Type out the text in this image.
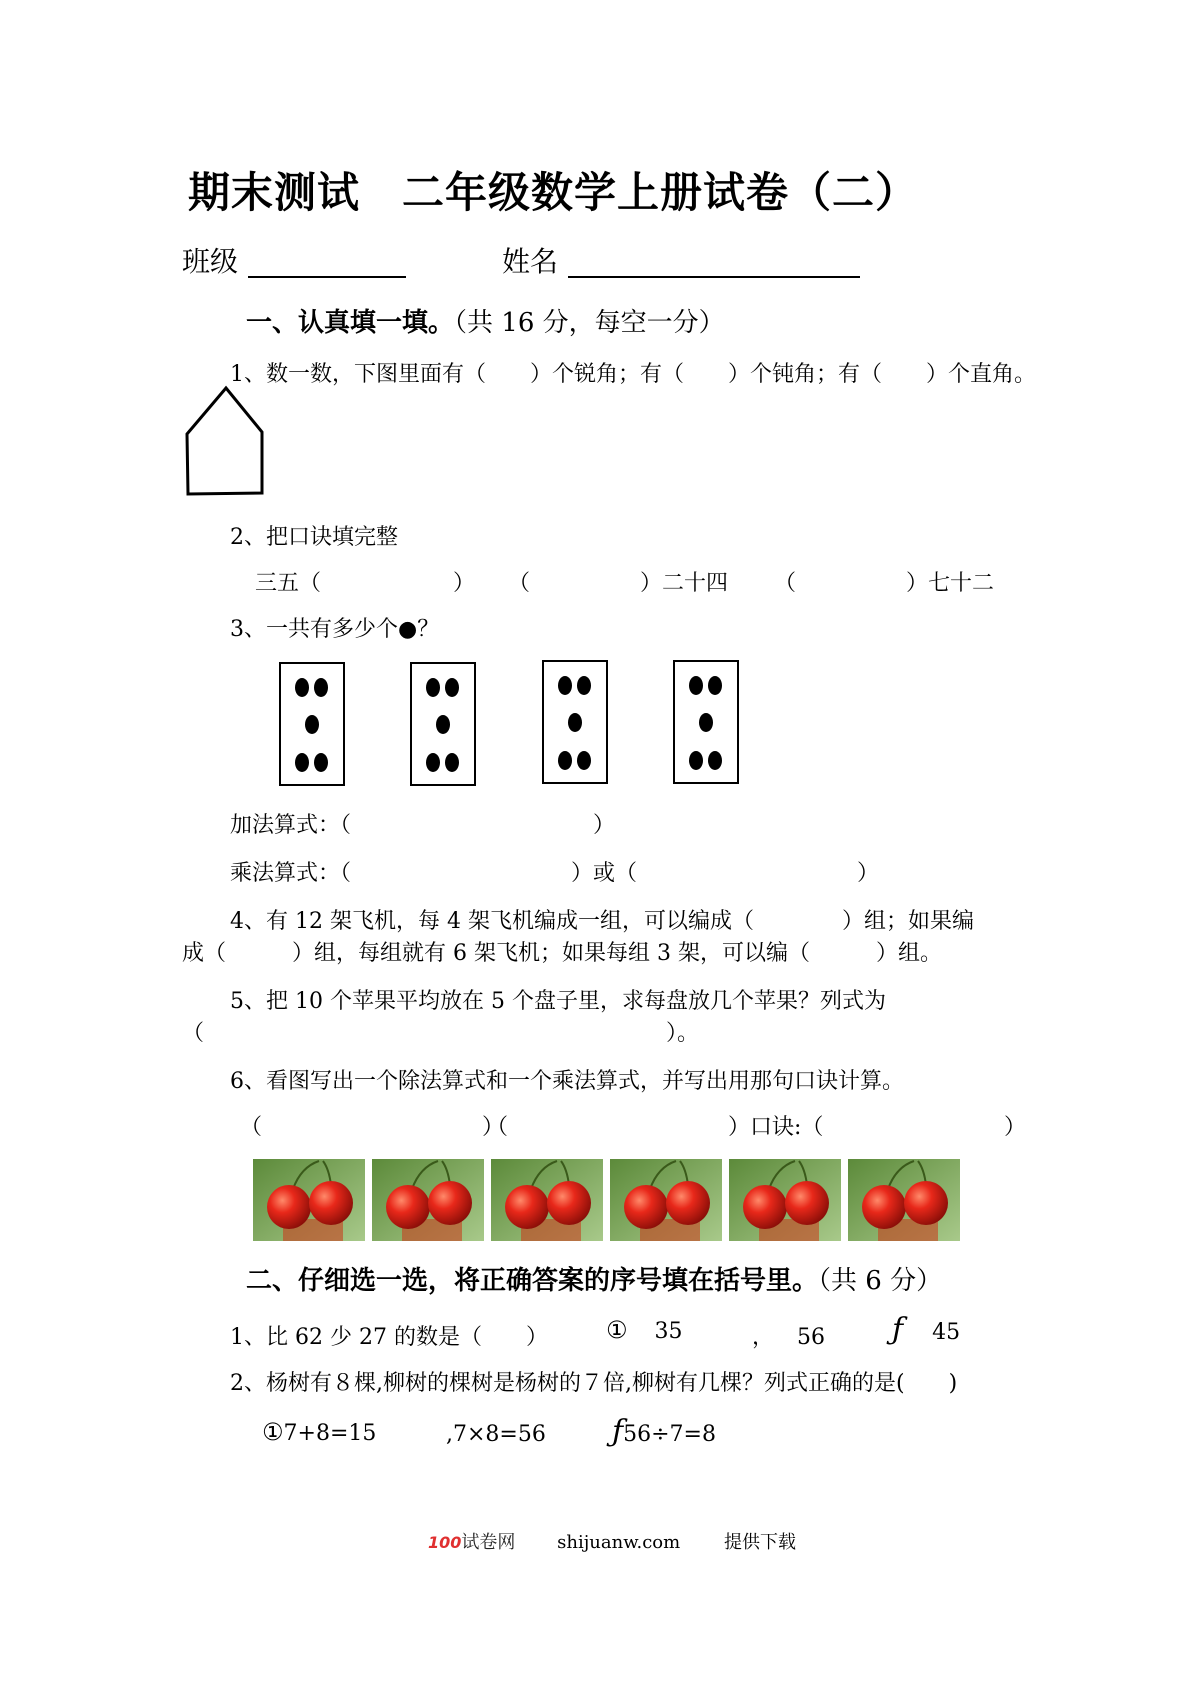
期末测试 二年级数学上册试卷（二）
班级	姓名
一、认真填一填。（共 16 分，每空一分）
1、数一数，下图里面有（　　）个锐角；有（　　）个钝角；有（　　）个直角。
2、把口诀填完整
三五（　　　　　　） （　　　　　）二十四 （　　　　　）七十二
3、一共有多少个●？
加法算式：（　　　　　　　　　　　）
乘法算式：（　　　　　　　　　　）或（　　　　　　　　　　）
4、有 12 架飞机，每 4 架飞机编成一组，可以编成（　　　　）组；如果编
成（　　　）组，每组就有 6 架飞机；如果每组 3 架，可以编（　　　）组。
5、把 10 个苹果平均放在 5 个盘子里，求每盘放几个苹果？列式为
（　　　　　　　　　　　　　　　　　　　　　）。
6、看图写出一个除法算式和一个乘法算式，并写出用那句口诀计算。
（　　　　　　　　　　）
（　　　　　　　　　　）口诀:（	）
二、仔细选一选，将正确答案的序号填在括号里。（共 6 分）
1、比 62 少 27 的数是（　　） ① 35	， 56 ƒ 45
2、杨树有８棵,柳树的棵树是杨树的７倍,柳树有几棵？列式正确的是(　　)
①7+8=15	,7×8=56 ƒ56÷7=8
100试卷网 shijuanw.com 提供下载
